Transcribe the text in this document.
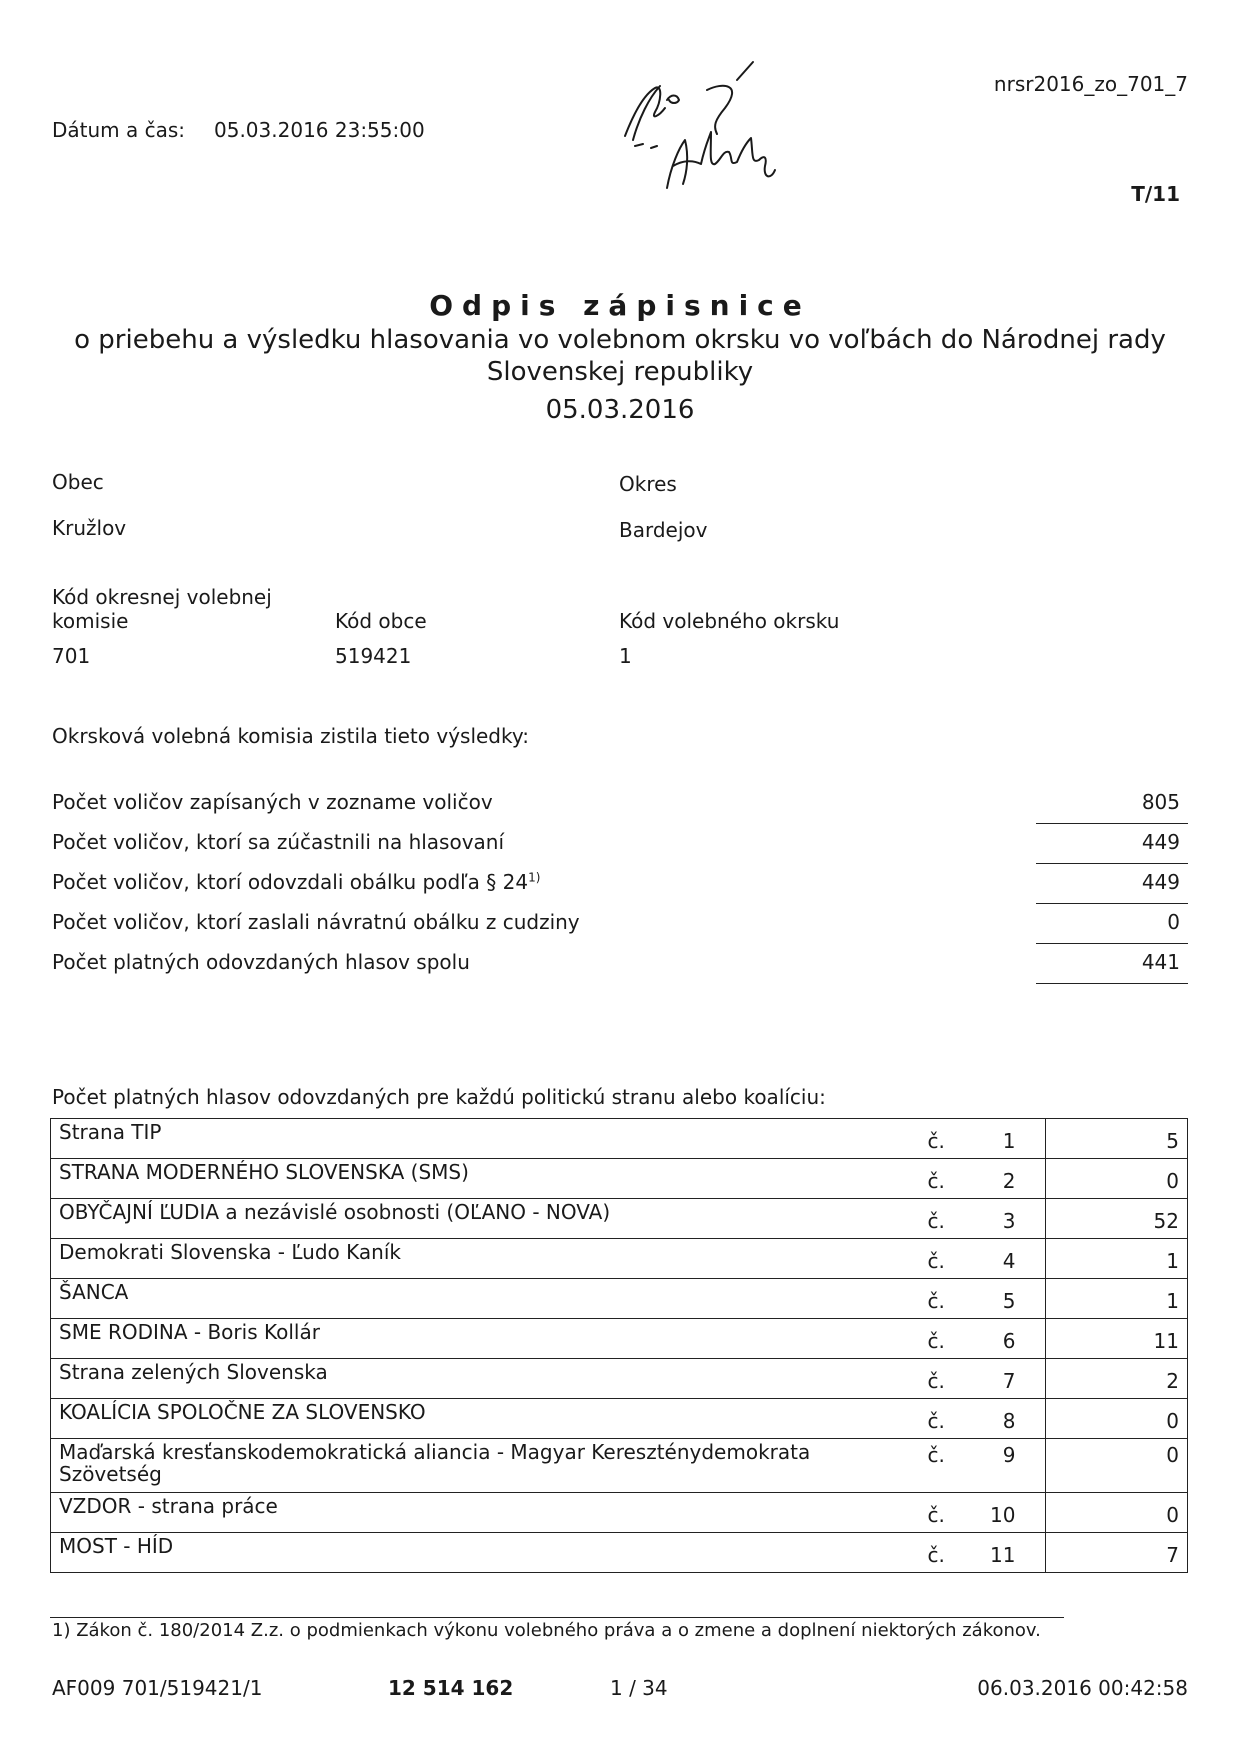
Dátum a čas: 05.03.2016 23:55:00
nrsr2016_zo_701_7
T/11
Odpis zápisnice
o priebehu a výsledku hlasovania vo volebnom okrsku vo voľbách do Národnej rady Slovenskej republiky
05.03.2016
Obec
Kružlov
Okres
Bardejov
Kód okresnej volebnej
komisie
701
Kód obce
519421
Kód volebného okrsku
1
Okrsková volebná komisia zistila tieto výsledky:
Počet voličov zapísaných v zozname voličov	805
Počet voličov, ktorí sa zúčastnili na hlasovaní	449
Počet voličov, ktorí odovzdali obálku podľa § 24$^{1)}$	449
Počet voličov, ktorí zaslali návratnú obálku z cudziny	0
Počet platných odovzdaných hlasov spolu	441
Počet platných hlasov odovzdaných pre každú politickú stranu alebo koalíciu:
Strana TIP	č. 1	5
STRANA MODERNÉHO SLOVENSKA (SMS)	č. 2	0
OBYČAJNÍ ĽUDIA a nezávislé osobnosti (OĽANO - NOVA)	č. 3	52
Demokrati Slovenska - Ľudo Kaník	č. 4	1
ŠANCA	č. 5	1
SME RODINA - Boris Kollár	č. 6	11
Strana zelených Slovenska	č. 7	2
KOALÍCIA SPOLOČNE ZA SLOVENSKO	č. 8	0
Maďarská kresťanskodemokratická aliancia - Magyar Kereszténydemokrata Szövetség	č. 9	0
VZDOR - strana práce	č. 10	0
MOST - HÍD	č. 11	7
1) Zákon č. 180/2014 Z.z. o podmienkach výkonu volebného práva a o zmene a doplnení niektorých zákonov.
AF009 701/519421/1	12 514 162	1 / 34	06.03.2016 00:42:58
